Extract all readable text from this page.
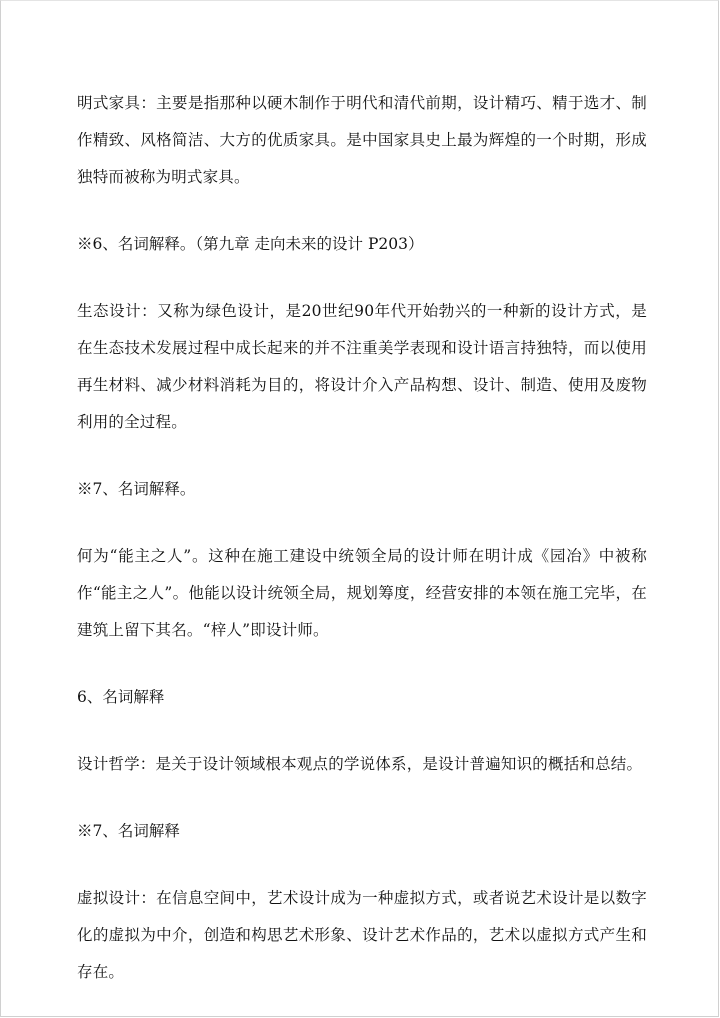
明式家具：主要是指那种以硬木制作于明代和清代前期，设计精巧、精于选才、制作精致、风格简洁、大方的优质家具。是中国家具史上最为辉煌的一个时期，形成独特而被称为明式家具。

※6、名词解释。（第九章 走向未来的设计 P203）

生态设计：又称为绿色设计，是20世纪90年代开始勃兴的一种新的设计方式，是在生态技术发展过程中成长起来的并不注重美学表现和设计语言持独特，而以使用再生材料、减少材料消耗为目的，将设计介入产品构想、设计、制造、使用及废物利用的全过程。

※7、名词解释。

何为“能主之人”。这种在施工建设中统领全局的设计师在明计成《园冶》中被称作“能主之人”。他能以设计统领全局，规划筹度，经营安排的本领在施工完毕，在建筑上留下其名。“梓人”即设计师。

6、名词解释

设计哲学：是关于设计领域根本观点的学说体系，是设计普遍知识的概括和总结。

※7、名词解释

虚拟设计：在信息空间中，艺术设计成为一种虚拟方式，或者说艺术设计是以数字化的虚拟为中介，创造和构思艺术形象、设计艺术作品的，艺术以虚拟方式产生和存在。
